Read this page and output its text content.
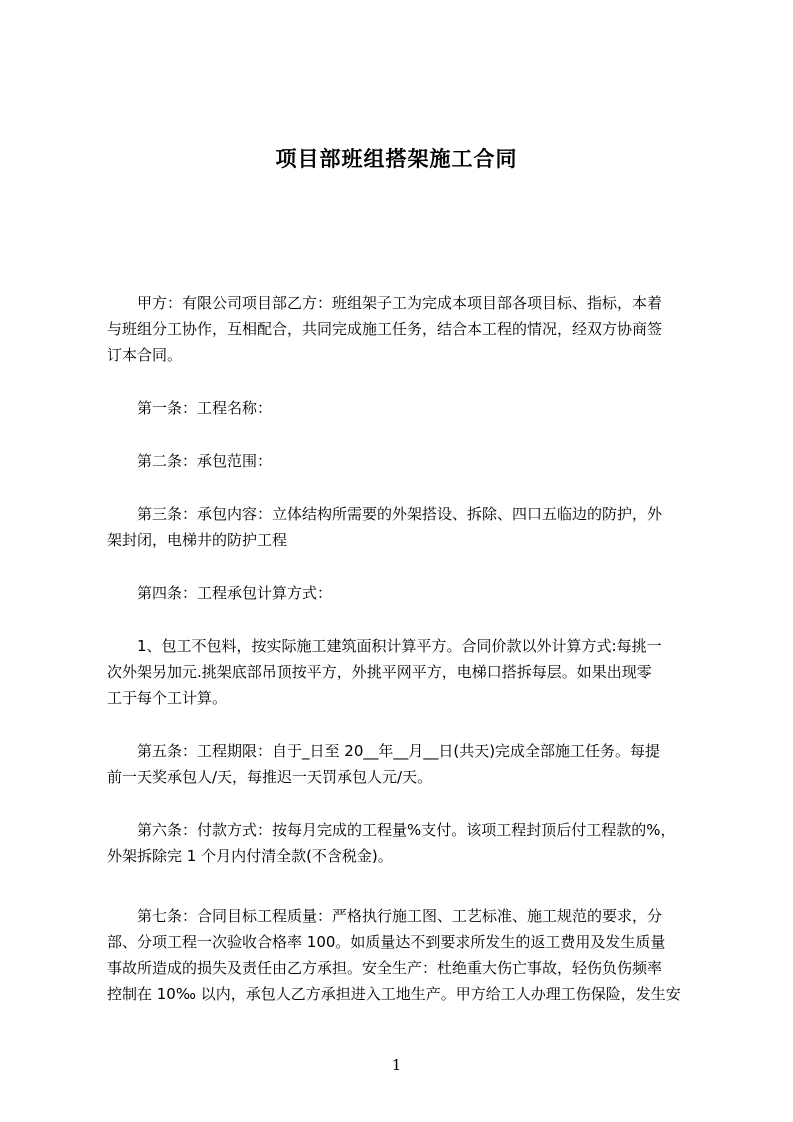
项目部班组搭架施工合同
　　甲方：有限公司项目部乙方：班组架子工为完成本项目部各项目标、指标，本着
与班组分工协作，互相配合，共同完成施工任务，结合本工程的情况，经双方协商签
订本合同。
　　第一条：工程名称：
　　第二条：承包范围：
　　第三条：承包内容：立体结构所需要的外架搭设、拆除、四口五临边的防护，外
架封闭，电梯井的防护工程
　　第四条：工程承包计算方式：
　　1、包工不包料，按实际施工建筑面积计算平方。合同价款以外计算方式:每挑一
次外架另加元.挑架底部吊顶按平方，外挑平网平方，电梯口搭拆每层。如果出现零
工于每个工计算。
　　第五条：工程期限：自于_日至 20__年__月__日(共天)完成全部施工任务。每提
前一天奖承包人/天，每推迟一天罚承包人元/天。
　　第六条：付款方式：按每月完成的工程量%支付。该项工程封顶后付工程款的%，
外架拆除完 1 个月内付清全款(不含税金)。
　　第七条：合同目标工程质量：严格执行施工图、工艺标准、施工规范的要求，分
部、分项工程一次验收合格率 100。如质量达不到要求所发生的返工费用及发生质量
事故所造成的损失及责任由乙方承担。安全生产：杜绝重大伤亡事故，轻伤负伤频率
控制在 10‰ 以内，承包人乙方承担进入工地生产。甲方给工人办理工伤保险，发生安
1
